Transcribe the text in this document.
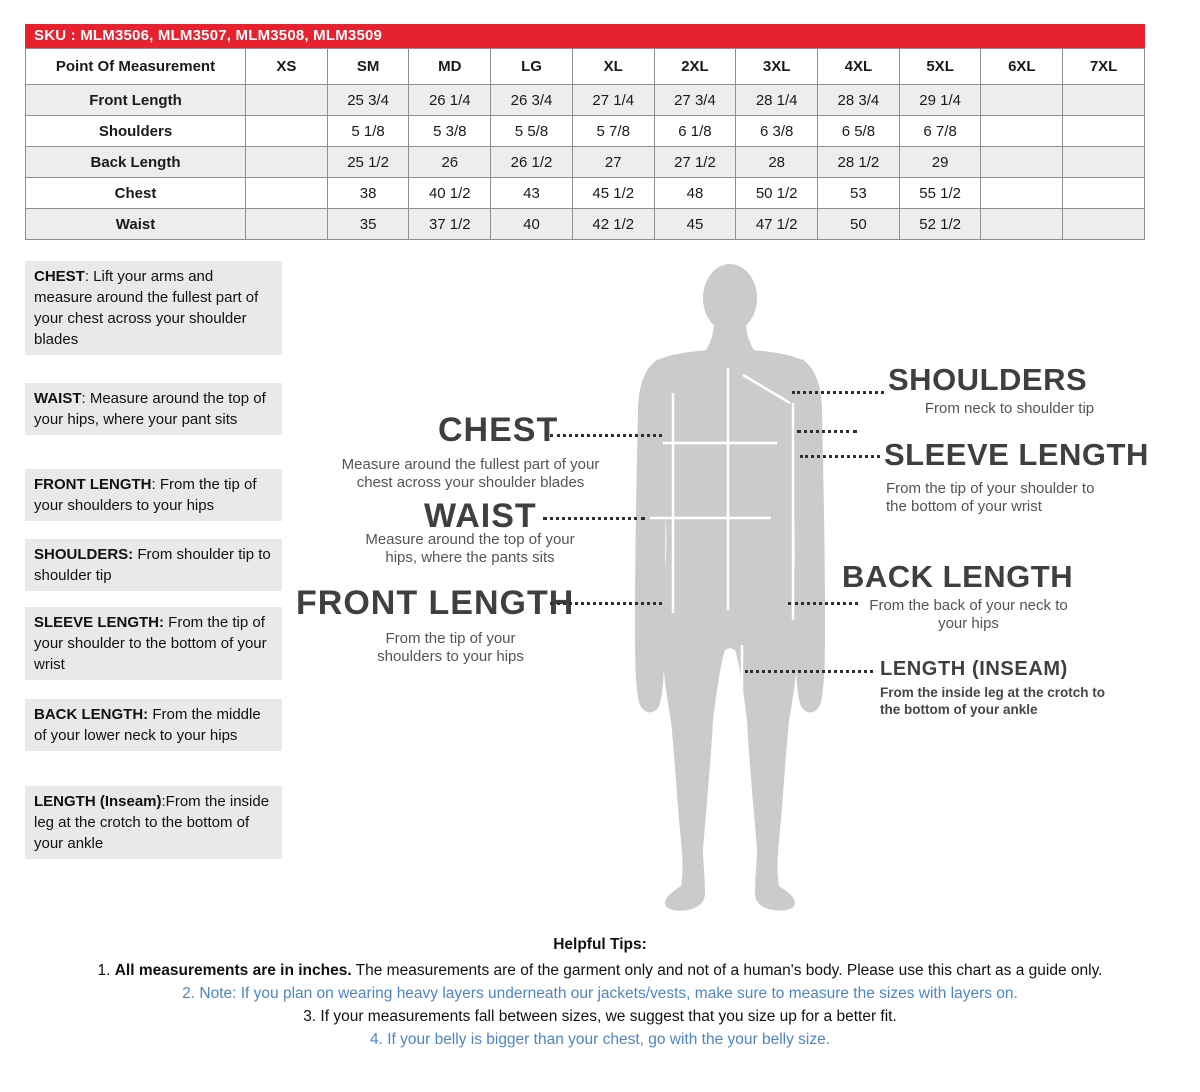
SKU : MLM3506, MLM3507, MLM3508, MLM3509
Point Of Measurement	XS	SM	MD	LG	XL	2XL	3XL	4XL	5XL	6XL	7XL
Front Length		25 3/4	26 1/4	26 3/4	27 1/4	27 3/4	28 1/4	28 3/4	29 1/4		
Shoulders		5 1/8	5 3/8	5 5/8	5 7/8	6 1/8	6 3/8	6 5/8	6 7/8		
Back Length		25 1/2	26	26 1/2	27	27 1/2	28	28 1/2	29		
Chest		38	40 1/2	43	45 1/2	48	50 1/2	53	55 1/2		
Waist		35	37 1/2	40	42 1/2	45	47 1/2	50	52 1/2		
CHEST: Lift your arms and measure around the fullest part of your chest across your shoulder blades
WAIST: Measure around the top of your hips, where your pant sits
FRONT LENGTH: From the tip of your shoulders to your hips
SHOULDERS: From shoulder tip to shoulder tip
SLEEVE LENGTH: From the tip of your shoulder to the bottom of your wrist
BACK LENGTH: From the middle of your lower neck to your hips
LENGTH (Inseam):From the inside leg at the crotch to the bottom of your ankle
CHEST
Measure around the fullest part of your chest across your shoulder blades
WAIST
Measure around the top of your hips, where the pants sits
FRONT LENGTH
From the tip of your shoulders to your hips
SHOULDERS
From neck to shoulder tip
SLEEVE LENGTH
From the tip of your shoulder to the bottom of your wrist
BACK LENGTH
From the back of your neck to your hips
LENGTH (INSEAM)
From the inside leg at the crotch to the bottom of your ankle
Helpful Tips:
1. All measurements are in inches. The measurements are of the garment only and not of a human's body. Please use this chart as a guide only.
2. Note: If you plan on wearing heavy layers underneath our jackets/vests, make sure to measure the sizes with layers on.
3. If your measurements fall between sizes, we suggest that you size up for a better fit.
4. If your belly is bigger than your chest, go with the your belly size.
